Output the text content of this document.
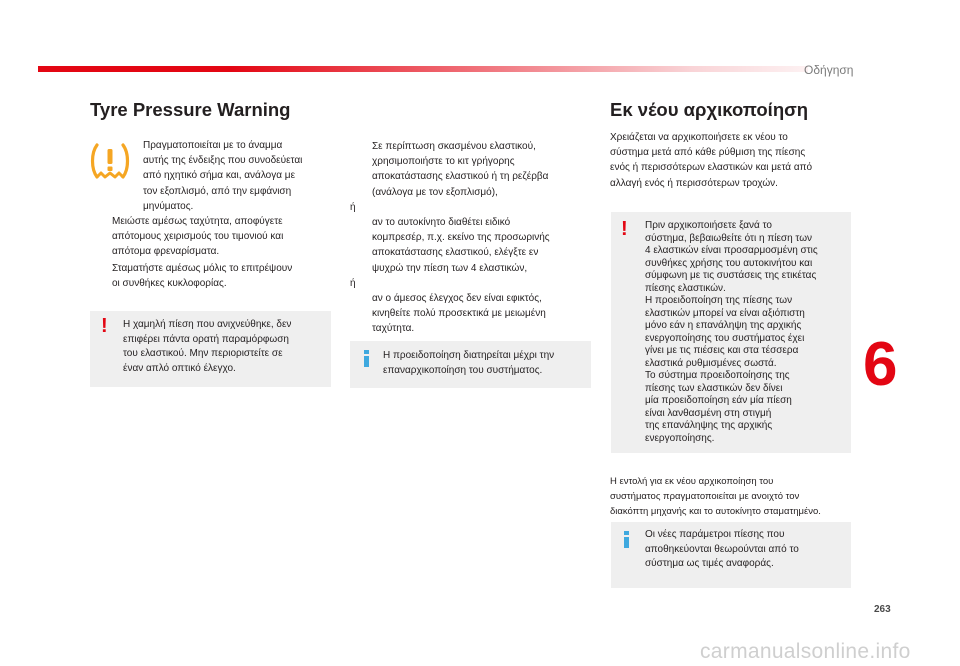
Οδήγηση
Tyre Pressure Warning
Πραγματοποιείται με το άναμμα
αυτής της ένδειξης που συνοδεύεται
από ηχητικό σήμα και, ανάλογα με
τον εξοπλισμό, από την εμφάνιση
μηνύματος.
Μειώστε αμέσως ταχύτητα, αποφύγετε
απότομους χειρισμούς του τιμονιού και
απότομα φρεναρίσματα.
Σταματήστε αμέσως μόλις το επιτρέψουν
οι συνθήκες κυκλοφορίας.
! Η χαμηλή πίεση που ανιχνεύθηκε, δεν
επιφέρει πάντα ορατή παραμόρφωση
του ελαστικού. Μην περιοριστείτε σε
έναν απλό οπτικό έλεγχο.
Σε περίπτωση σκασμένου ελαστικού,
χρησιμοποιήστε το κιτ γρήγορης
αποκατάστασης ελαστικού ή τη ρεζέρβα
(ανάλογα με τον εξοπλισμό),
ή
αν το αυτοκίνητο διαθέτει ειδικό
κομπρεσέρ, π.χ. εκείνο της προσωρινής
αποκατάστασης ελαστικού, ελέγξτε εν
ψυχρώ την πίεση των 4 ελαστικών,
ή
αν ο άμεσος έλεγχος δεν είναι εφικτός,
κινηθείτε πολύ προσεκτικά με μειωμένη
ταχύτητα.
Η προειδοποίηση διατηρείται μέχρι την
επαναρχικοποίηση του συστήματος.
Εκ νέου αρχικοποίηση
Χρειάζεται να αρχικοποιήσετε εκ νέου το
σύστημα μετά από κάθε ρύθμιση της πίεσης
ενός ή περισσότερων ελαστικών και μετά από
αλλαγή ενός ή περισσότερων τροχών.
! Πριν αρχικοποιήσετε ξανά το
σύστημα, βεβαιωθείτε ότι η πίεση των
4 ελαστικών είναι προσαρμοσμένη στις
συνθήκες χρήσης του αυτοκινήτου και
σύμφωνη με τις συστάσεις της ετικέτας
πίεσης ελαστικών.
Η προειδοποίηση της πίεσης των
ελαστικών μπορεί να είναι αξιόπιστη
μόνο εάν η επανάληψη της αρχικής
ενεργοποίησης του συστήματος έχει
γίνει με τις πιέσεις και στα τέσσερα
ελαστικά ρυθμισμένες σωστά.
Το σύστημα προειδοποίησης της
πίεσης των ελαστικών δεν δίνει
μία προειδοποίηση εάν μία πίεση
είναι λανθασμένη στη στιγμή
της επανάληψης της αρχικής
ενεργοποίησης.
Η εντολή για εκ νέου αρχικοποίηση του
συστήματος πραγματοποιείται με ανοιχτό τον
διακόπτη μηχανής και το αυτοκίνητο σταματημένο.
Οι νέες παράμετροι πίεσης που
αποθηκεύονται θεωρούνται από το
σύστημα ως τιμές αναφοράς.
6
263
carmanualsonline.info
